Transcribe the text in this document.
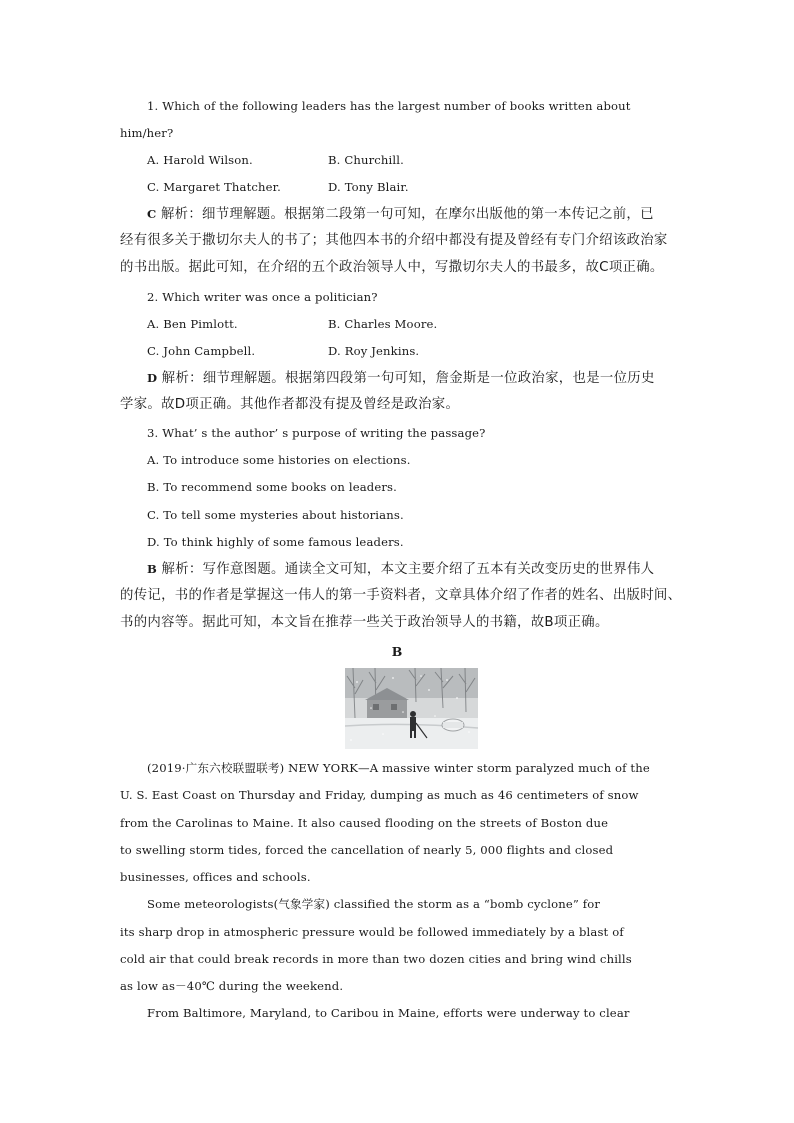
1. Which of the following leaders has the largest number of books written about
him/her?
A. Harold Wilson.	B. Churchill.
C. Margaret Thatcher.	D. Tony Blair.
C 解析：细节理解题。根据第二段第一句可知，在摩尔出版他的第一本传记之前，已
经有很多关于撒切尔夫人的书了；其他四本书的介绍中都没有提及曾经有专门介绍该政治家
的书出版。据此可知，在介绍的五个政治领导人中，写撒切尔夫人的书最多，故C项正确。
2. Which writer was once a politician?
A. Ben Pimlott.	B. Charles Moore.
C. John Campbell.	D. Roy Jenkins.
D 解析：细节理解题。根据第四段第一句可知，詹金斯是一位政治家，也是一位历史
学家。故D项正确。其他作者都没有提及曾经是政治家。
3. What’ s the author’ s purpose of writing the passage?
A. To introduce some histories on elections.
B. To recommend some books on leaders.
C. To tell some mysteries about historians.
D. To think highly of some famous leaders.
B 解析：写作意图题。通读全文可知，本文主要介绍了五本有关改变历史的世界伟人
的传记，书的作者是掌握这一伟人的第一手资料者，文章具体介绍了作者的姓名、出版时间、
书的内容等。据此可知，本文旨在推荐一些关于政治领导人的书籍，故B项正确。
B
(2019·广东六校联盟联考) NEW YORK—A massive winter storm paralyzed much of the
U. S. East Coast on Thursday and Friday, dumping as much as 46 centimeters of snow
from the Carolinas to Maine. It also caused flooding on the streets of Boston due
to swelling storm tides, forced the cancellation of nearly 5, 000 flights and closed
businesses, offices and schools.
Some meteorologists(气象学家) classified the storm as a “bomb cyclone” for
its sharp drop in atmospheric pressure would be followed immediately by a blast of
cold air that could break records in more than two dozen cities and bring wind chills
as low as－40℃ during the weekend.
From Baltimore, Maryland, to Caribou in Maine, efforts were underway to clear
